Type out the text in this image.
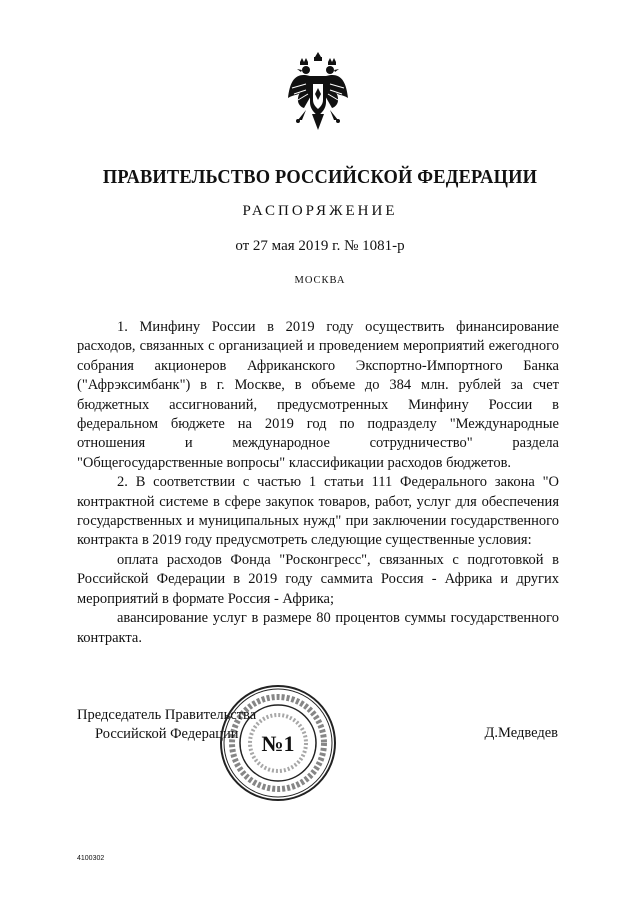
ПРАВИТЕЛЬСТВО РОССИЙСКОЙ ФЕДЕРАЦИИ
РАСПОРЯЖЕНИЕ
от 27 мая 2019 г. № 1081-р
МОСКВА

1. Минфину России в 2019 году осуществить финансирование расходов, связанных с организацией и проведением мероприятий ежегодного собрания акционеров Африканского Экспортно-Импортного Банка ("Афрэксимбанк") в г. Москве, в объеме до 384 млн. рублей за счет бюджетных ассигнований, предусмотренных Минфину России в федеральном бюджете на 2019 год по подразделу "Международные отношения и международное сотрудничество" раздела "Общегосударственные вопросы" классификации расходов бюджетов.

2. В соответствии с частью 1 статьи 111 Федерального закона "О контрактной системе в сфере закупок товаров, работ, услуг для обеспечения государственных и муниципальных нужд" при заключении государственного контракта в 2019 году предусмотреть следующие существенные условия:

оплата расходов Фонда "Росконгресс", связанных с подготовкой в Российской Федерации в 2019 году саммита Россия - Африка и других мероприятий в формате Россия - Африка;

авансирование услуг в размере 80 процентов суммы государственного контракта.

Председатель Правительства
Российской Федерации	№1	Д.Медведев
4100302
